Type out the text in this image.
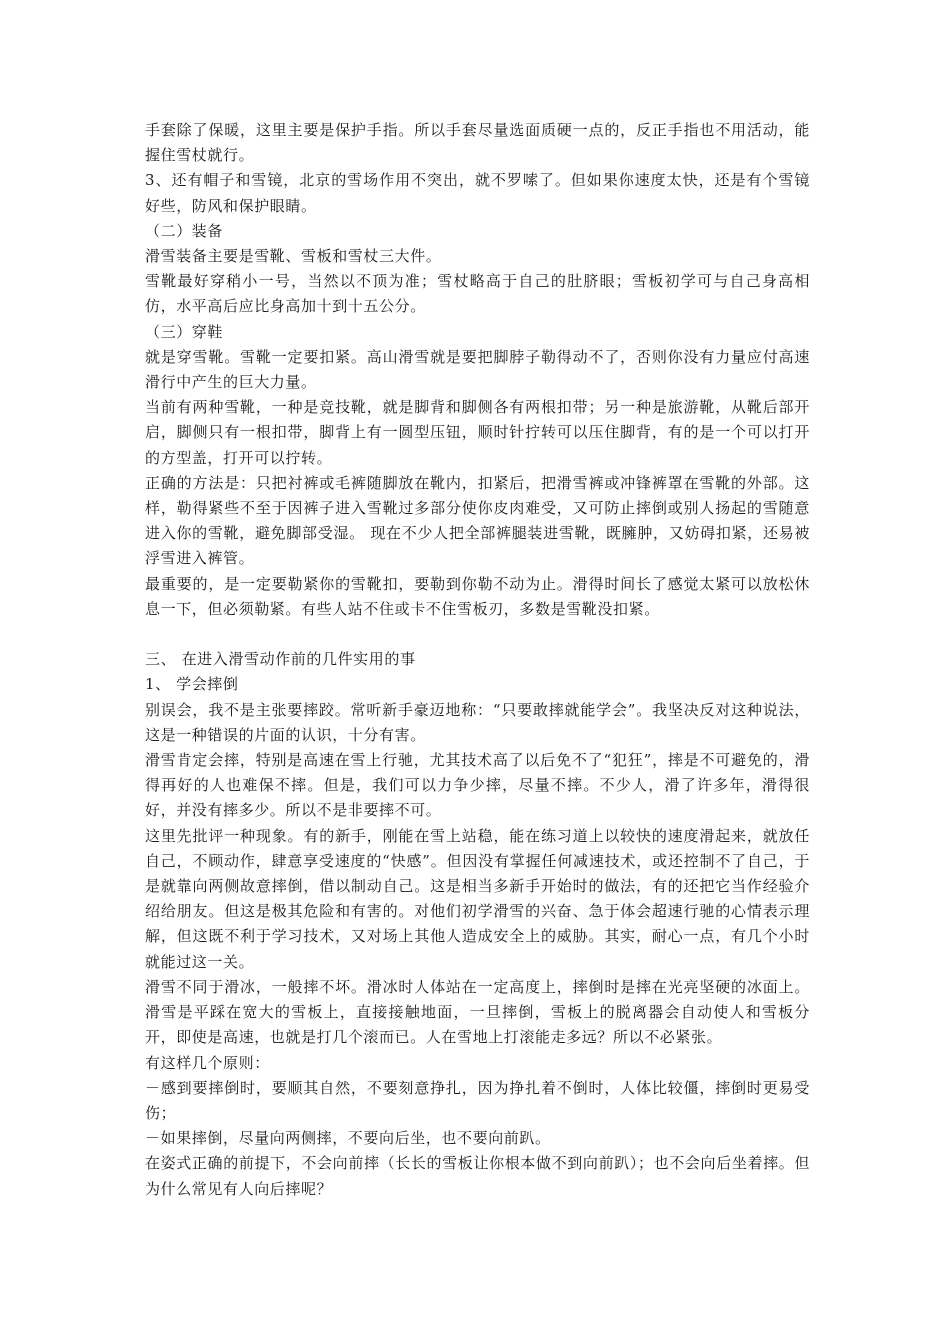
手套除了保暖，这里主要是保护手指。所以手套尽量选面质硬一点的，反正手指也不用活动，能握住雪杖就行。

3、还有帽子和雪镜，北京的雪场作用不突出，就不罗嗦了。但如果你速度太快，还是有个雪镜好些，防风和保护眼睛。

（二）装备

滑雪装备主要是雪靴、雪板和雪杖三大件。

雪靴最好穿稍小一号，当然以不顶为准；雪杖略高于自己的肚脐眼；雪板初学可与自己身高相仿，水平高后应比身高加十到十五公分。

（三）穿鞋

就是穿雪靴。雪靴一定要扣紧。高山滑雪就是要把脚脖子勒得动不了，否则你没有力量应付高速滑行中产生的巨大力量。

当前有两种雪靴，一种是竞技靴，就是脚背和脚侧各有两根扣带；另一种是旅游靴，从靴后部开启，脚侧只有一根扣带，脚背上有一圆型压钮，顺时针拧转可以压住脚背，有的是一个可以打开的方型盖，打开可以拧转。

正确的方法是：只把衬裤或毛裤随脚放在靴内，扣紧后，把滑雪裤或冲锋裤罩在雪靴的外部。这样，勒得紧些不至于因裤子进入雪靴过多部分使你皮肉难受，又可防止摔倒或别人扬起的雪随意进入你的雪靴，避免脚部受湿。 现在不少人把全部裤腿装进雪靴，既臃肿，又妨碍扣紧，还易被浮雪进入裤管。

最重要的，是一定要勒紧你的雪靴扣，要勒到你勒不动为止。滑得时间长了感觉太紧可以放松休息一下，但必须勒紧。有些人站不住或卡不住雪板刃，多数是雪靴没扣紧。

三、 在进入滑雪动作前的几件实用的事

1、 学会摔倒

别误会，我不是主张要摔跤。常听新手豪迈地称：“只要敢摔就能学会”。我坚决反对这种说法，这是一种错误的片面的认识，十分有害。

滑雪肯定会摔，特别是高速在雪上行驰，尤其技术高了以后免不了“犯狂”，摔是不可避免的，滑得再好的人也难保不摔。但是，我们可以力争少摔，尽量不摔。不少人，滑了许多年，滑得很好，并没有摔多少。所以不是非要摔不可。

这里先批评一种现象。有的新手，刚能在雪上站稳，能在练习道上以较快的速度滑起来，就放任自己，不顾动作，肆意享受速度的“快感”。但因没有掌握任何减速技术，或还控制不了自己，于是就靠向两侧故意摔倒，借以制动自己。这是相当多新手开始时的做法，有的还把它当作经验介绍给朋友。但这是极其危险和有害的。对他们初学滑雪的兴奋、急于体会超速行驰的心情表示理解，但这既不利于学习技术，又对场上其他人造成安全上的威胁。其实，耐心一点，有几个小时就能过这一关。

滑雪不同于滑冰，一般摔不坏。滑冰时人体站在一定高度上，摔倒时是摔在光亮坚硬的冰面上。滑雪是平踩在宽大的雪板上，直接接触地面，一旦摔倒，雪板上的脱离器会自动使人和雪板分开，即使是高速，也就是打几个滚而已。人在雪地上打滚能走多远？所以不必紧张。

有这样几个原则：

－感到要摔倒时，要顺其自然，不要刻意挣扎，因为挣扎着不倒时，人体比较僵，摔倒时更易受伤；

－如果摔倒，尽量向两侧摔，不要向后坐，也不要向前趴。

在姿式正确的前提下，不会向前摔（长长的雪板让你根本做不到向前趴）；也不会向后坐着摔。但为什么常见有人向后摔呢？
